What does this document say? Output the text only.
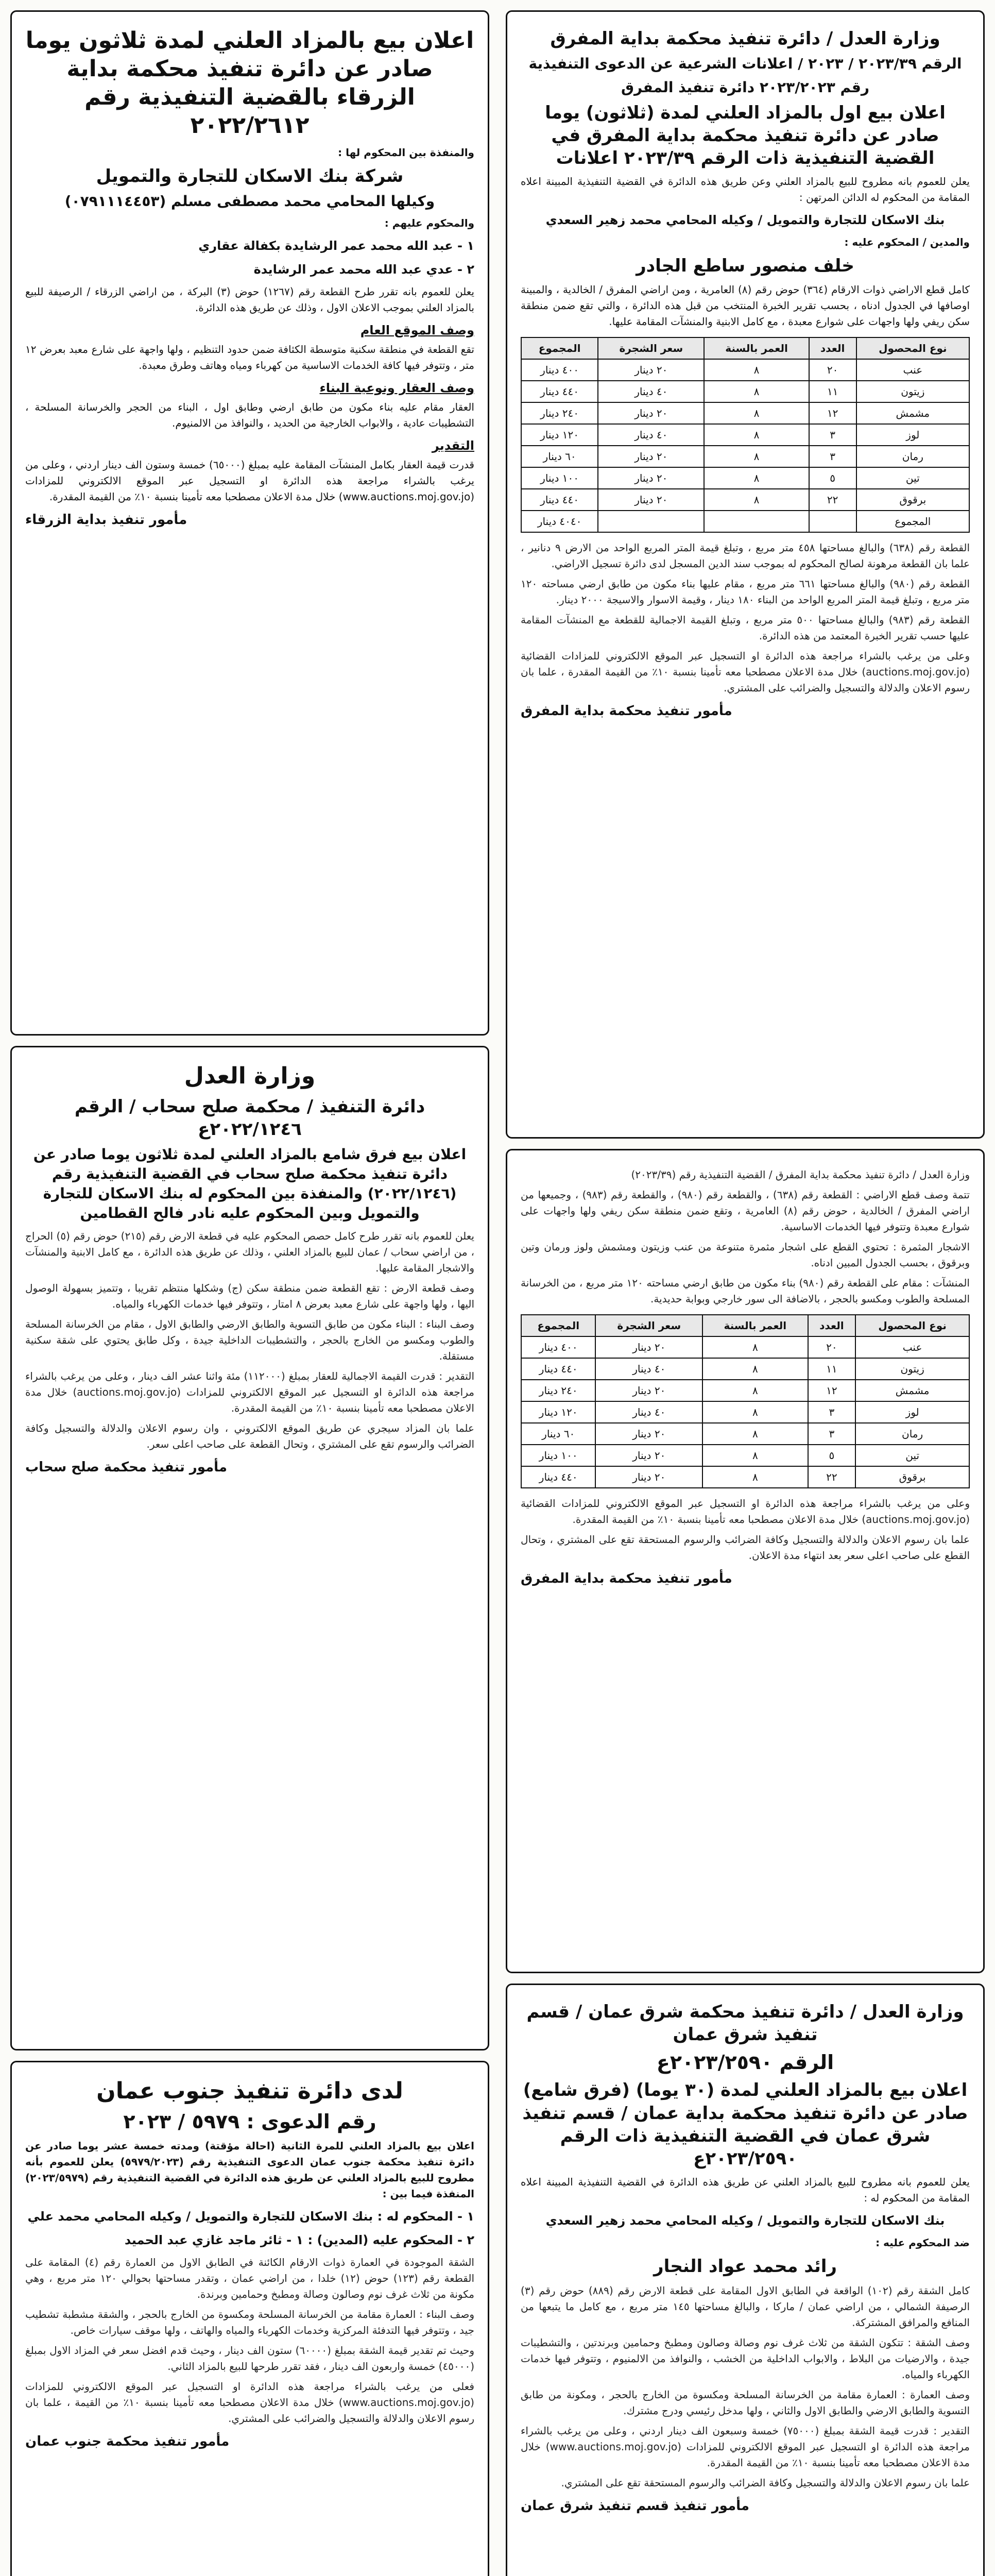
وزارة العدل / دائرة تنفيذ محكمة بداية المفرق
الرقم ٢٠٢٣/٣٩ / ٢٠٢٣ / اعلانات الشرعية عن الدعوى التنفيذية
رقم ٢٠٢٣/٢٠٢٣ دائرة تنفيذ المفرق
اعلان بيع اول بالمزاد العلني لمدة (ثلاثون) يوما صادر عن دائرة تنفيذ محكمة بداية المفرق في القضية التنفيذية ذات الرقم ٢٠٢٣/٣٩ اعلانات

يعلن للعموم بانه مطروح للبيع بالمزاد العلني وعن طريق هذه الدائرة في القضية التنفيذية المبينة اعلاه المقامة من المحكوم له الدائن المرتهن :

بنك الاسكان للتجارة والتمويل / وكيله المحامي محمد زهير السعدي

والمدين / المحكوم عليه :

خلف منصور ساطع الجادر

كامل قطع الاراضي ذوات الارقام (٣٦٤) حوض رقم (٨) العامرية ، ومن اراضي المفرق / الخالدية ، والمبينة اوصافها في الجدول ادناه ، بحسب تقرير الخبرة المنتخب من قبل هذه الدائرة ، والتي تقع ضمن منطقة سكن ريفي ولها واجهات على شوارع معبدة ، مع كامل الابنية والمنشآت المقامة عليها.

نوع المحصول	العدد	العمر بالسنة	سعر الشجرة	المجموع
عنب	٢٠	٨	٢٠ دينار	٤٠٠ دينار
زيتون	١١	٨	٤٠ دينار	٤٤٠ دينار
مشمش	١٢	٨	٢٠ دينار	٢٤٠ دينار
لوز	٣	٨	٤٠ دينار	١٢٠ دينار
رمان	٣	٨	٢٠ دينار	٦٠ دينار
تين	٥	٨	٢٠ دينار	١٠٠ دينار
برقوق	٢٢	٨	٢٠ دينار	٤٤٠ دينار
المجموع				٤٠٤٠ دينار

القطعة رقم (٦٣٨) والبالغ مساحتها ٤٥٨ متر مربع ، وتبلغ قيمة المتر المربع الواحد من الارض ٩ دنانير ، علما بان القطعة مرهونة لصالح المحكوم له بموجب سند الدين المسجل لدى دائرة تسجيل الاراضي.

القطعة رقم (٩٨٠) والبالغ مساحتها ٦٦١ متر مربع ، مقام عليها بناء مكون من طابق ارضي مساحته ١٢٠ متر مربع ، وتبلغ قيمة المتر المربع الواحد من البناء ١٨٠ دينار ، وقيمة الاسوار والاسيجة ٢٠٠٠ دينار.

القطعة رقم (٩٨٣) والبالغ مساحتها ٥٠٠ متر مربع ، وتبلغ القيمة الاجمالية للقطعة مع المنشآت المقامة عليها حسب تقرير الخبرة المعتمد من هذه الدائرة.

وعلى من يرغب بالشراء مراجعة هذه الدائرة او التسجيل عبر الموقع الالكتروني للمزادات القضائية (auctions.moj.gov.jo) خلال مدة الاعلان مصطحبا معه تأمينا بنسبة ١٠٪ من القيمة المقدرة ، علما بان رسوم الاعلان والدلالة والتسجيل والضرائب على المشتري.

مأمور تنفيذ محكمة بداية المفرق

وزارة العدل / دائرة تنفيذ محكمة بداية المفرق / القضية التنفيذية رقم (٢٠٢٣/٣٩)

تتمة وصف قطع الاراضي : القطعة رقم (٦٣٨) ، والقطعة رقم (٩٨٠) ، والقطعة رقم (٩٨٣) ، وجميعها من اراضي المفرق / الخالدية ، حوض رقم (٨) العامرية ، وتقع ضمن منطقة سكن ريفي ولها واجهات على شوارع معبدة وتتوفر فيها الخدمات الاساسية.

الاشجار المثمرة : تحتوي القطع على اشجار مثمرة متنوعة من عنب وزيتون ومشمش ولوز ورمان وتين وبرقوق ، بحسب الجدول المبين ادناه.

المنشآت : مقام على القطعة رقم (٩٨٠) بناء مكون من طابق ارضي مساحته ١٢٠ متر مربع ، من الخرسانة المسلحة والطوب ومكسو بالحجر ، بالاضافة الى سور خارجي وبوابة حديدية.

نوع المحصول	العدد	العمر بالسنة	سعر الشجرة	المجموع
عنب	٢٠	٨	٢٠ دينار	٤٠٠ دينار
زيتون	١١	٨	٤٠ دينار	٤٤٠ دينار
مشمش	١٢	٨	٢٠ دينار	٢٤٠ دينار
لوز	٣	٨	٤٠ دينار	١٢٠ دينار
رمان	٣	٨	٢٠ دينار	٦٠ دينار
تين	٥	٨	٢٠ دينار	١٠٠ دينار
برقوق	٢٢	٨	٢٠ دينار	٤٤٠ دينار

وعلى من يرغب بالشراء مراجعة هذه الدائرة او التسجيل عبر الموقع الالكتروني للمزادات القضائية (auctions.moj.gov.jo) خلال مدة الاعلان مصطحبا معه تأمينا بنسبة ١٠٪ من القيمة المقدرة.

علما بان رسوم الاعلان والدلالة والتسجيل وكافة الضرائب والرسوم المستحقة تقع على المشتري ، وتحال القطع على صاحب اعلى سعر بعد انتهاء مدة الاعلان.

مأمور تنفيذ محكمة بداية المفرق
وزارة العدل / دائرة تنفيذ محكمة شرق عمان / قسم تنفيذ شرق عمان
الرقم ٢٠٢٣/٢٥٩٠ع
اعلان بيع بالمزاد العلني لمدة (٣٠ يوما) (فرق شامع) صادر عن دائرة تنفيذ محكمة بداية عمان / قسم تنفيذ شرق عمان في القضية التنفيذية ذات الرقم ٢٠٢٣/٢٥٩٠ع

يعلن للعموم بانه مطروح للبيع بالمزاد العلني عن طريق هذه الدائرة في القضية التنفيذية المبينة اعلاه المقامة من المحكوم له :

بنك الاسكان للتجارة والتمويل / وكيله المحامي محمد زهير السعدي

ضد المحكوم عليه :

رائد محمد عواد النجار

كامل الشقة رقم (١٠٢) الواقعة في الطابق الاول المقامة على قطعة الارض رقم (٨٨٩) حوض رقم (٣) الرصيفة الشمالي ، من اراضي عمان / ماركا ، والبالغ مساحتها ١٤٥ متر مربع ، مع كامل ما يتبعها من المنافع والمرافق المشتركة.

وصف الشقة : تتكون الشقة من ثلاث غرف نوم وصالة وصالون ومطبخ وحمامين وبرندتين ، والتشطيبات جيدة ، والارضيات من البلاط ، والابواب الداخلية من الخشب ، والنوافذ من الالمنيوم ، وتتوفر فيها خدمات الكهرباء والمياه.

وصف العمارة : العمارة مقامة من الخرسانة المسلحة ومكسوة من الخارج بالحجر ، ومكونة من طابق التسوية والطابق الارضي والطابق الاول والثاني ، ولها مدخل رئيسي ودرج مشترك.

التقدير : قدرت قيمة الشقة بمبلغ (٧٥٠٠٠) خمسة وسبعون الف دينار اردني ، وعلى من يرغب بالشراء مراجعة هذه الدائرة او التسجيل عبر الموقع الالكتروني للمزادات (www.auctions.moj.gov.jo) خلال مدة الاعلان مصطحبا معه تأمينا بنسبة ١٠٪ من القيمة المقدرة.

علما بان رسوم الاعلان والدلالة والتسجيل وكافة الضرائب والرسوم المستحقة تقع على المشتري.

مأمور تنفيذ قسم تنفيذ شرق عمان
اعلان بيع بالمزاد العلني لمدة ثلاثون يوما صادر عن دائرة تنفيذ محكمة بداية الزرقاء بالقضية التنفيذية رقم ٢٠٢٢/٢٦١٢

والمنفذة بين المحكوم لها :

شركة بنك الاسكان للتجارة والتمويل
وكيلها المحامي محمد مصطفى مسلم (٠٧٩١١١٤٤٥٣)

والمحكوم عليهم :

١ - عبد الله محمد عمر الرشايدة بكفالة عقاري
٢ - عدي عبد الله محمد عمر الرشايدة

يعلن للعموم بانه تقرر طرح القطعة رقم (١٢٦٧) حوض (٣) البركة ، من اراضي الزرقاء / الرصيفة للبيع بالمزاد العلني بموجب الاعلان الاول ، وذلك عن طريق هذه الدائرة.

وصف الموقع العام

تقع القطعة في منطقة سكنية متوسطة الكثافة ضمن حدود التنظيم ، ولها واجهة على شارع معبد بعرض ١٢ متر ، وتتوفر فيها كافة الخدمات الاساسية من كهرباء ومياه وهاتف وطرق معبدة.

وصف العقار ونوعية البناء

العقار مقام عليه بناء مكون من طابق ارضي وطابق اول ، البناء من الحجر والخرسانة المسلحة ، التشطيبات عادية ، والابواب الخارجية من الحديد ، والنوافذ من الالمنيوم.

التقدير

قدرت قيمة العقار بكامل المنشآت المقامة عليه بمبلغ (٦٥٠٠٠) خمسة وستون الف دينار اردني ، وعلى من يرغب بالشراء مراجعة هذه الدائرة او التسجيل عبر الموقع الالكتروني للمزادات (www.auctions.moj.gov.jo) خلال مدة الاعلان مصطحبا معه تأمينا بنسبة ١٠٪ من القيمة المقدرة.

مأمور تنفيذ بداية الزرقاء
وزارة العدل
دائرة التنفيذ / محكمة صلح سحاب / الرقم ٢٠٢٢/١٢٤٦ع
اعلان بيع فرق شامع بالمزاد العلني لمدة ثلاثون يوما صادر عن دائرة تنفيذ محكمة صلح سحاب في القضية التنفيذية رقم (٢٠٢٢/١٢٤٦) والمنفذة بين المحكوم له بنك الاسكان للتجارة والتمويل وبين المحكوم عليه نادر فالح القطامين

يعلن للعموم بانه تقرر طرح كامل حصص المحكوم عليه في قطعة الارض رقم (٢١٥) حوض رقم (٥) الحراج ، من اراضي سحاب / عمان للبيع بالمزاد العلني ، وذلك عن طريق هذه الدائرة ، مع كامل الابنية والمنشآت والاشجار المقامة عليها.

وصف قطعة الارض : تقع القطعة ضمن منطقة سكن (ج) وشكلها منتظم تقريبا ، وتتميز بسهولة الوصول اليها ، ولها واجهة على شارع معبد بعرض ٨ امتار ، وتتوفر فيها خدمات الكهرباء والمياه.

وصف البناء : البناء مكون من طابق التسوية والطابق الارضي والطابق الاول ، مقام من الخرسانة المسلحة والطوب ومكسو من الخارج بالحجر ، والتشطيبات الداخلية جيدة ، وكل طابق يحتوي على شقة سكنية مستقلة.

التقدير : قدرت القيمة الاجمالية للعقار بمبلغ (١١٢٠٠٠) مئة واثنا عشر الف دينار ، وعلى من يرغب بالشراء مراجعة هذه الدائرة او التسجيل عبر الموقع الالكتروني للمزادات (auctions.moj.gov.jo) خلال مدة الاعلان مصطحبا معه تأمينا بنسبة ١٠٪ من القيمة المقدرة.

علما بان المزاد سيجري عن طريق الموقع الالكتروني ، وان رسوم الاعلان والدلالة والتسجيل وكافة الضرائب والرسوم تقع على المشتري ، وتحال القطعة على صاحب اعلى سعر.

مأمور تنفيذ محكمة صلح سحاب
لدى دائرة تنفيذ جنوب عمان
رقم الدعوى : ٥٩٧٩ / ٢٠٢٣

اعلان بيع بالمزاد العلني للمرة الثانية (احالة مؤقتة) ومدته خمسة عشر يوما صادر عن دائرة تنفيذ محكمة جنوب عمان الدعوى التنفيذية رقم (٥٩٧٩/٢٠٢٣) يعلن للعموم بأنه مطروح للبيع بالمزاد العلني عن طريق هذه الدائرة في القضية التنفيذية رقم (٢٠٢٣/٥٩٧٩) المنفذة فيما بين :

١ - المحكوم له : بنك الاسكان للتجارة والتمويل / وكيله المحامي محمد علي
٢ - المحكوم عليه (المدين) : ١ - ثائر ماجد غازي عبد الحميد

الشقة الموجودة في العمارة ذوات الارقام الكائنة في الطابق الاول من العمارة رقم (٤) المقامة على القطعة رقم (١٢٣) حوض (١٢) خلدا ، من اراضي عمان ، وتقدر مساحتها بحوالي ١٢٠ متر مربع ، وهي مكونة من ثلاث غرف نوم وصالون وصالة ومطبخ وحمامين وبرندة.

وصف البناء : العمارة مقامة من الخرسانة المسلحة ومكسوة من الخارج بالحجر ، والشقة مشطبة تشطيب جيد ، وتتوفر فيها التدفئة المركزية وخدمات الكهرباء والمياه والهاتف ، ولها موقف سيارات خاص.

وحيث تم تقدير قيمة الشقة بمبلغ (٦٠٠٠٠) ستون الف دينار ، وحيث قدم افضل سعر في المزاد الاول بمبلغ (٤٥٠٠٠) خمسة واربعون الف دينار ، فقد تقرر طرحها للبيع بالمزاد الثاني.

فعلى من يرغب بالشراء مراجعة هذه الدائرة او التسجيل عبر الموقع الالكتروني للمزادات (www.auctions.moj.gov.jo) خلال مدة الاعلان مصطحبا معه تأمينا بنسبة ١٠٪ من القيمة ، علما بان رسوم الاعلان والدلالة والتسجيل والضرائب على المشتري.

مأمور تنفيذ محكمة جنوب عمان
